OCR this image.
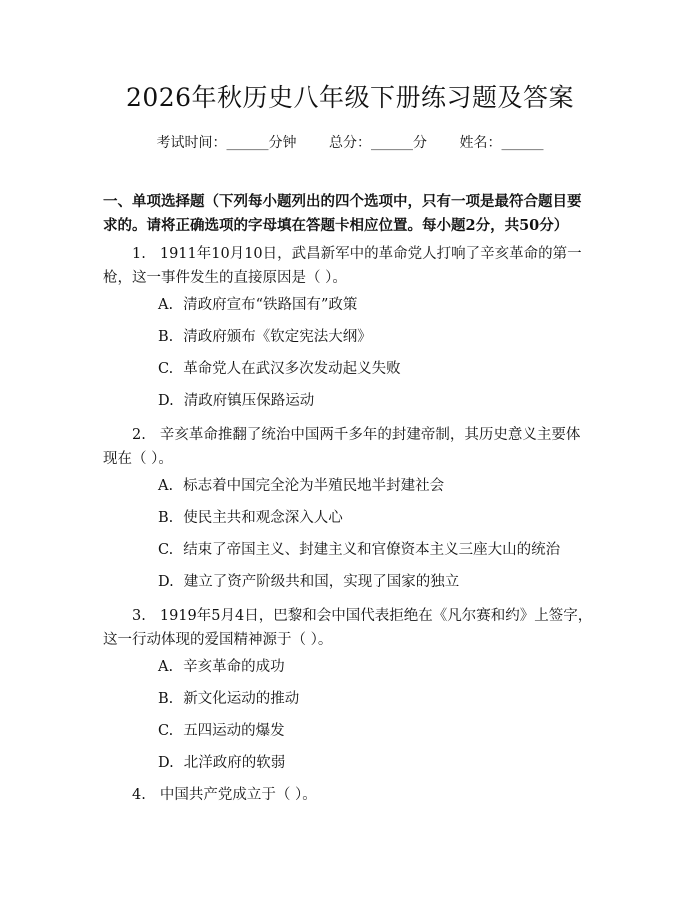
2026年秋历史八年级下册练习题及答案
考试时间：______分钟 总分：______分 姓名：______

一、单项选择题（下列每小题列出的四个选项中，只有一项是最符合题目要求的。请将正确选项的字母填在答题卡相应位置。每小题2分，共50分）

1. 1911年10月10日，武昌新军中的革命党人打响了辛亥革命的第一枪，这一事件发生的直接原因是（ ）。

A. 清政府宣布“铁路国有”政策

B. 清政府颁布《钦定宪法大纲》

C. 革命党人在武汉多次发动起义失败

D. 清政府镇压保路运动

2. 辛亥革命推翻了统治中国两千多年的封建帝制，其历史意义主要体现在（ ）。

A. 标志着中国完全沦为半殖民地半封建社会

B. 使民主共和观念深入人心

C. 结束了帝国主义、封建主义和官僚资本主义三座大山的统治

D. 建立了资产阶级共和国，实现了国家的独立

3. 1919年5月4日，巴黎和会中国代表拒绝在《凡尔赛和约》上签字，这一行动体现的爱国精神源于（ ）。

A. 辛亥革命的成功

B. 新文化运动的推动

C. 五四运动的爆发

D. 北洋政府的软弱

4. 中国共产党成立于（ ）。
